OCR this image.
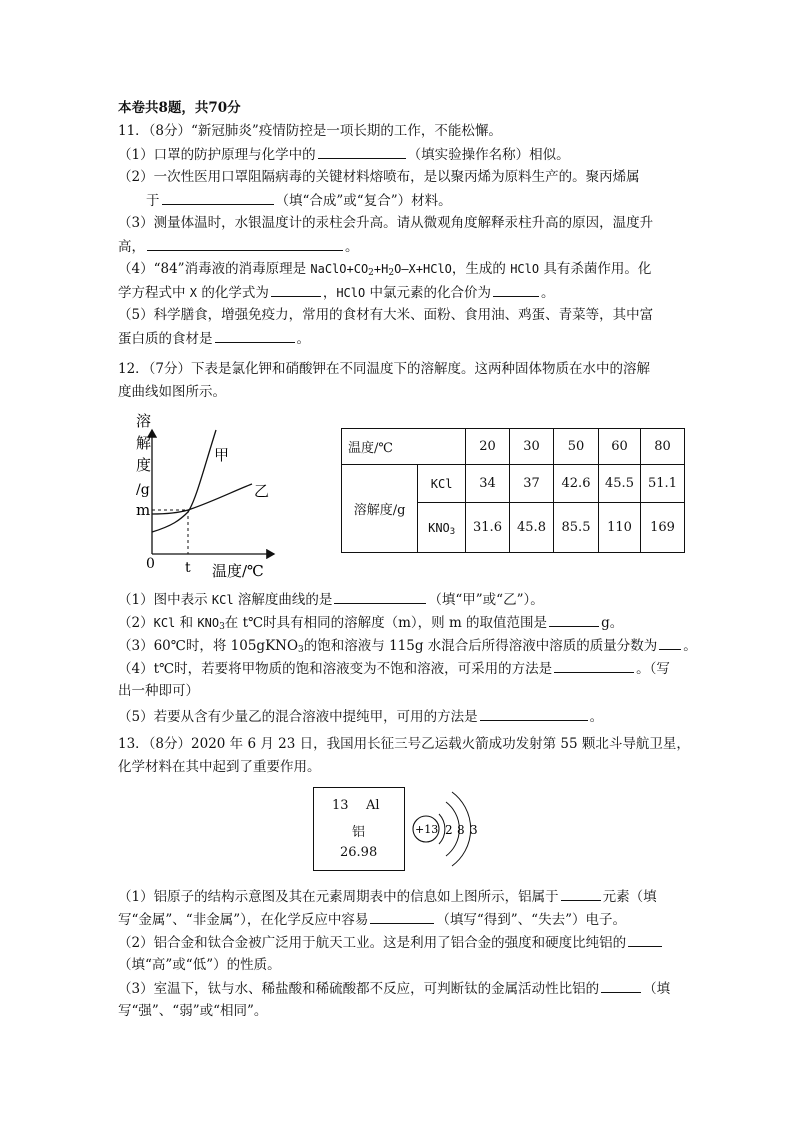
本卷共8题，共70分
11．（8分）“新冠肺炎”疫情防控是一项长期的工作，不能松懈。
（1）口罩的防护原理与化学中的	（填实验操作名称）相似。
（2）一次性医用口罩阻隔病毒的关键材料熔喷布，是以聚丙烯为原料生产的。聚丙烯属
于	（填“合成”或“复合”）材料。
（3）测量体温时，水银温度计的汞柱会升高。请从微观角度解释汞柱升高的原因，温度升
高，	。
（4）“84”消毒液的消毒原理是 $NaClO+CO_2+H_2O—X+HClO$，生成的 HClO 具有杀菌作用。化
学方程式中 X 的化学式为	，HClO 中氯元素的化合价为	。
（5）科学膳食，增强免疫力，常用的食材有大米、面粉、食用油、鸡蛋、青菜等，其中富
蛋白质的食材是	。
12．（7分）下表是氯化钾和硝酸钾在不同温度下的溶解度。这两种固体物质在水中的溶解
度曲线如图所示。
溶
解
度
/g
m
0 t 温度/℃
甲
乙
温度/℃		20	30	50	60	80
溶解度/g	KCl	34	37	42.6	45.5	51.1
	$KNO_3$	31.6	45.8	85.5	110	169
（1）图中表示 KCl 溶解度曲线的是	（填“甲”或“乙”）。
（2）KCl 和 $KNO_3$在 t℃时具有相同的溶解度（m），则 m 的取值范围是	g。
（3）60℃时，将 105gKNO$_3$的饱和溶液与 115g 水混合后所得溶液中溶质的质量分数为 。
（4）t℃时，若要将甲物质的饱和溶液变为不饱和溶液，可采用的方法是	。（写
出一种即可）
（5）若要从含有少量乙的混合溶液中提纯甲，可用的方法是	。
13．（8分）2020 年 6 月 23 日，我国用长征三号乙运载火箭成功发射第 55 颗北斗导航卫星，
化学材料在其中起到了重要作用。
13 Al
铝
26.98
+13 2 8 3
（1）铝原子的结构示意图及其在元素周期表中的信息如上图所示，铝属于	元素（填
写“金属”、“非金属”），在化学反应中容易	（填写“得到”、“失去”）电子。
（2）铝合金和钛合金被广泛用于航天工业。这是利用了铝合金的强度和硬度比纯铝的
（填“高”或“低”）的性质。
（3）室温下，钛与水、稀盐酸和稀硫酸都不反应，可判断钛的金属活动性比铝的	（填
写“强”、“弱”或“相同”。
